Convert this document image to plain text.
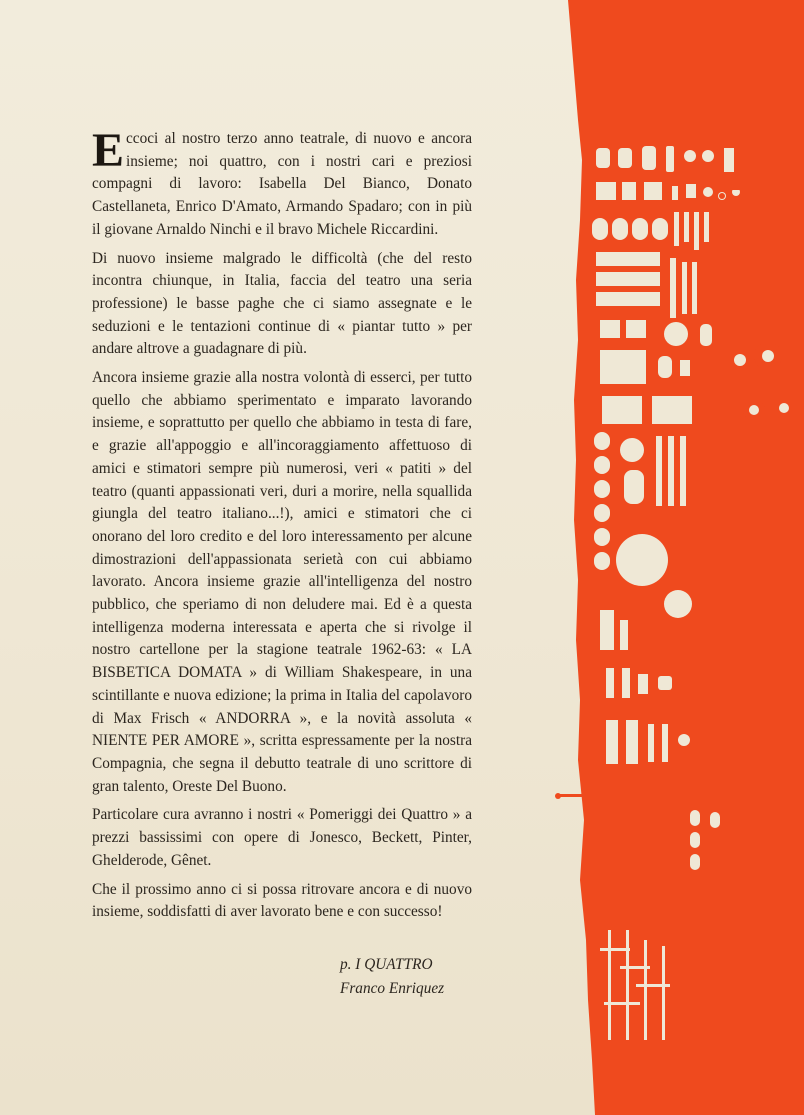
Eccoci al nostro terzo anno teatrale, di nuovo e ancora insieme; noi quattro, con i nostri cari e preziosi compagni di lavoro: Isabella Del Bianco, Donato Castellaneta, Enrico D'Amato, Armando Spadaro; con in più il giovane Arnaldo Ninchi e il bravo Michele Riccardini.

Di nuovo insieme malgrado le difficoltà (che del resto incontra chiunque, in Italia, faccia del teatro una seria professione) le basse paghe che ci siamo assegnate e le seduzioni e le tentazioni continue di « piantar tutto » per andare altrove a guadagnare di più.

Ancora insieme grazie alla nostra volontà di esserci, per tutto quello che abbiamo sperimentato e imparato lavorando insieme, e soprattutto per quello che abbiamo in testa di fare, e grazie all'appoggio e all'incoraggiamento affettuoso di amici e stimatori sempre più numerosi, veri « patiti » del teatro (quanti appassionati veri, duri a morire, nella squallida giungla del teatro italiano...!), amici e stimatori che ci onorano del loro credito e del loro interessamento per alcune dimostrazioni dell'appassionata serietà con cui abbiamo lavorato. Ancora insieme grazie all'intelligenza del nostro pubblico, che speriamo di non deludere mai. Ed è a questa intelligenza moderna interessata e aperta che si rivolge il nostro cartellone per la stagione teatrale 1962-63: « LA BISBETICA DOMATA » di William Shakespeare, in una scintillante e nuova edizione; la prima in Italia del capolavoro di Max Frisch « ANDORRA », e la novità assoluta « NIENTE PER AMORE », scritta espressamente per la nostra Compagnia, che segna il debutto teatrale di uno scrittore di gran talento, Oreste Del Buono.

Particolare cura avranno i nostri « Pomeriggi dei Quattro » a prezzi bassissimi con opere di Jonesco, Beckett, Pinter, Ghelderode, Gênet.

Che il prossimo anno ci si possa ritrovare ancora e di nuovo insieme, soddisfatti di aver lavorato bene e con successo!

p. I QUATTRO
Franco Enriquez
